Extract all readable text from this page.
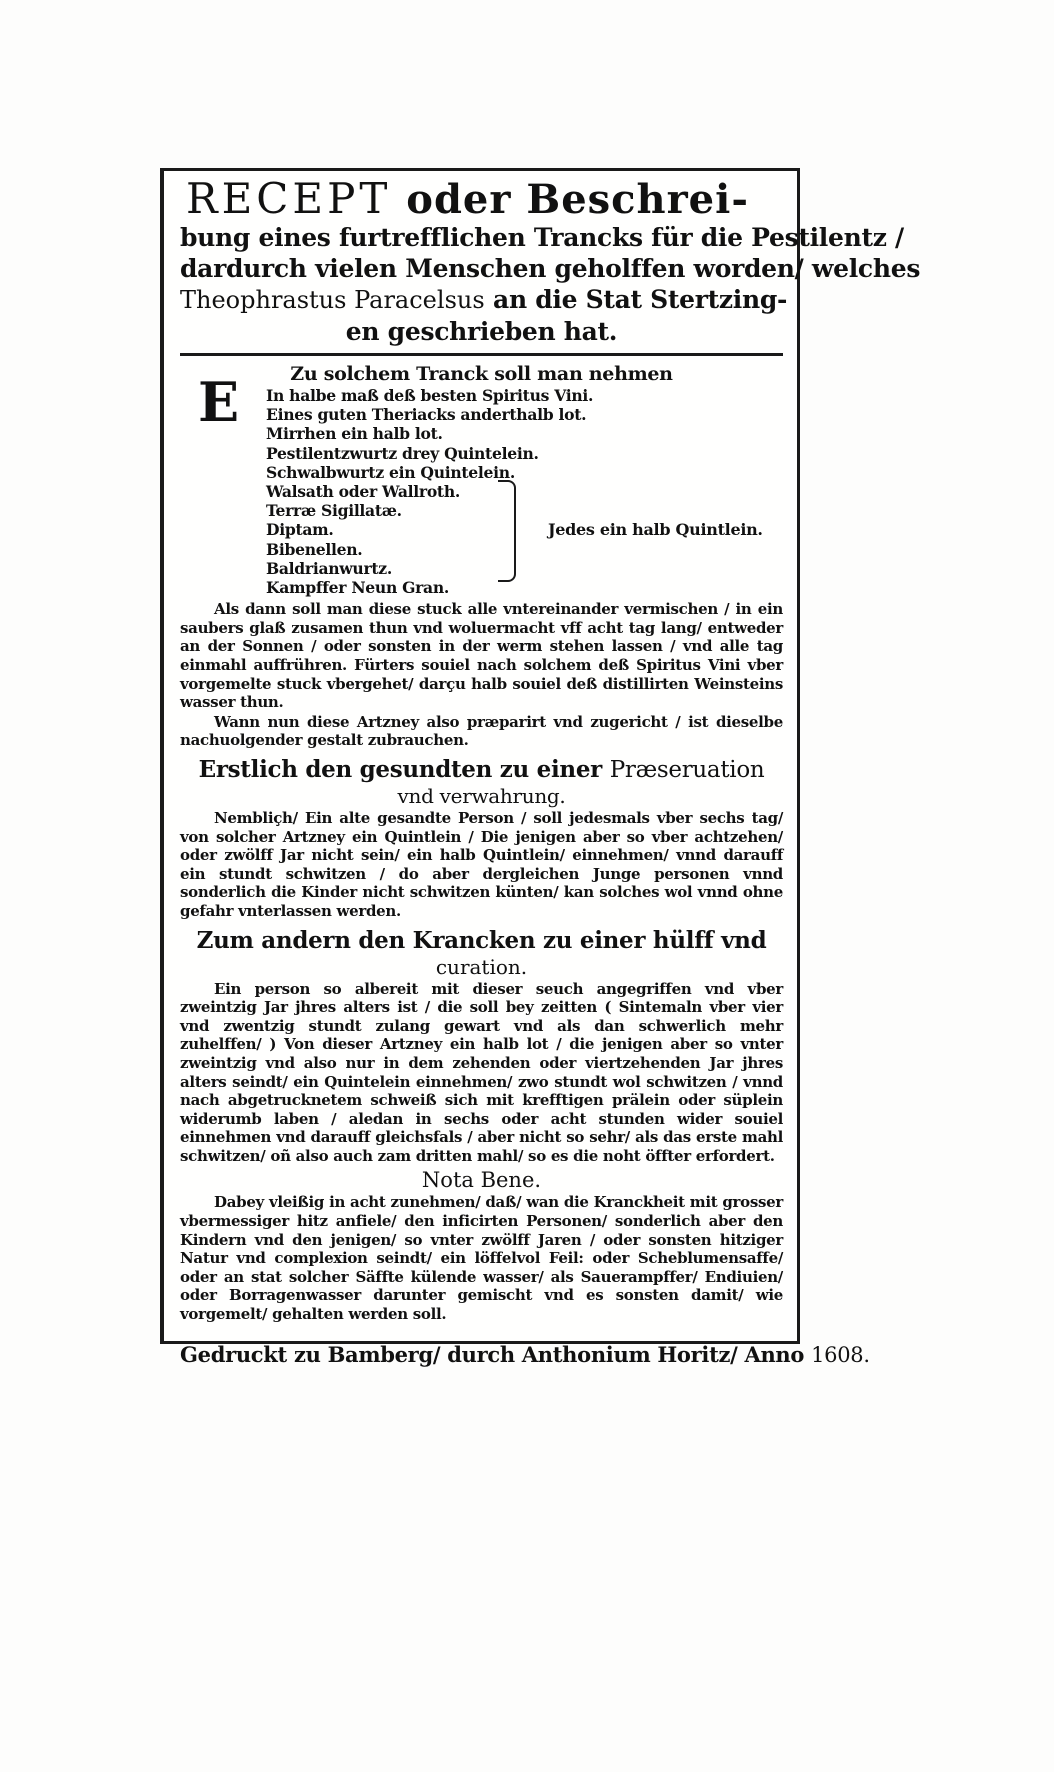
RECEPT oder Beschrei‐
bung eines furtrefflichen Trancks für die Pestilentz /
dardurch vielen Menschen geholffen worden/ welches
Theophrastus Paracelsus an die Stat Stertzing‐
en geschrieben hat.
Zu solchem Tranck soll man nehmen
E In halbe maß deß besten Spiritus Vini.
Eines guten Theriacks anderthalb lot.
Mirrhen ein halb lot.
Pestilentzwurtz drey Quintelein.
Schwalbwurtz ein Quintelein.
Walsath oder Wallroth.
Terræ Sigillatæ.
Diptam.
Bibenellen.
Baldrianwurtz.
Kampffer Neun Gran.
Jedes ein halb Quintlein.

Als dann soll man diese stuck alle vntereinander vermischen / in ein saubers glaß zusamen thun vnd woluermacht vff acht tag lang/ entweder an der Sonnen / oder sonsten in der werm stehen lassen / vnd alle tag einmahl auffrühren. Fürters souiel nach solchem deß Spiritus Vini vber vorgemelte stuck vbergehet/ darçu halb souiel deß distillirten Weinsteins wasser thun.

Wann nun diese Artzney also præparirt vnd zugericht / ist dieselbe nachuolgender gestalt zubrauchen.

Erstlich den gesundten zu einer Præseruation
vnd verwahrung.

Nembliçh/ Ein alte gesandte Person / soll jedesmals vber sechs tag/ von solcher Artzney ein Quintlein / Die jenigen aber so vber achtzehen/ oder zwölff Jar nicht sein/ ein halb Quintlein/ einnehmen/ vnnd darauff ein stundt schwitzen / do aber dergleichen Junge personen vnnd sonderlich die Kinder nicht schwitzen künten/ kan solches wol vnnd ohne gefahr vnterlassen werden.

Zum andern den Krancken zu einer hülff vnd
curation.

Ein person so albereit mit dieser seuch angegriffen vnd vber zweintzig Jar jhres alters ist / die soll bey zeitten ( Sintemaln vber vier vnd zwentzig stundt zulang gewart vnd als dan schwerlich mehr zuhelffen/ ) Von dieser Artzney ein halb lot / die jenigen aber so vnter zweintzig vnd also nur in dem zehenden oder viertzehenden Jar jhres alters seindt/ ein Quintelein einnehmen/ zwo stundt wol schwitzen / vnnd nach abgetrucknetem schweiß sich mit krefftigen prälein oder süplein widerumb laben / aledan in sechs oder acht stunden wider souiel einnehmen vnd darauff gleichsfals / aber nicht so sehr/ als das erste mahl schwitzen/ oñ also auch zam dritten mahl/ so es die noht öffter erfordert.

Nota Bene.

Dabey vleißig in acht zunehmen/ daß/ wan die Kranckheit mit grosser vbermessiger hitz anfiele/ den inficirten Personen/ sonderlich aber den Kindern vnd den jenigen/ so vnter zwölff Jaren / oder sonsten hitziger Natur vnd complexion seindt/ ein löffelvol Feil: oder Scheblumensaffe/ oder an stat solcher Säffte külende wasser/ als Sauerampffer/ Endiuien/ oder Borragenwasser darunter gemischt vnd es sonsten damit/ wie vorgemelt/ gehalten werden soll.

Gedruckt zu Bamberg/ durch Anthonium Horitz/ Anno 1608.
